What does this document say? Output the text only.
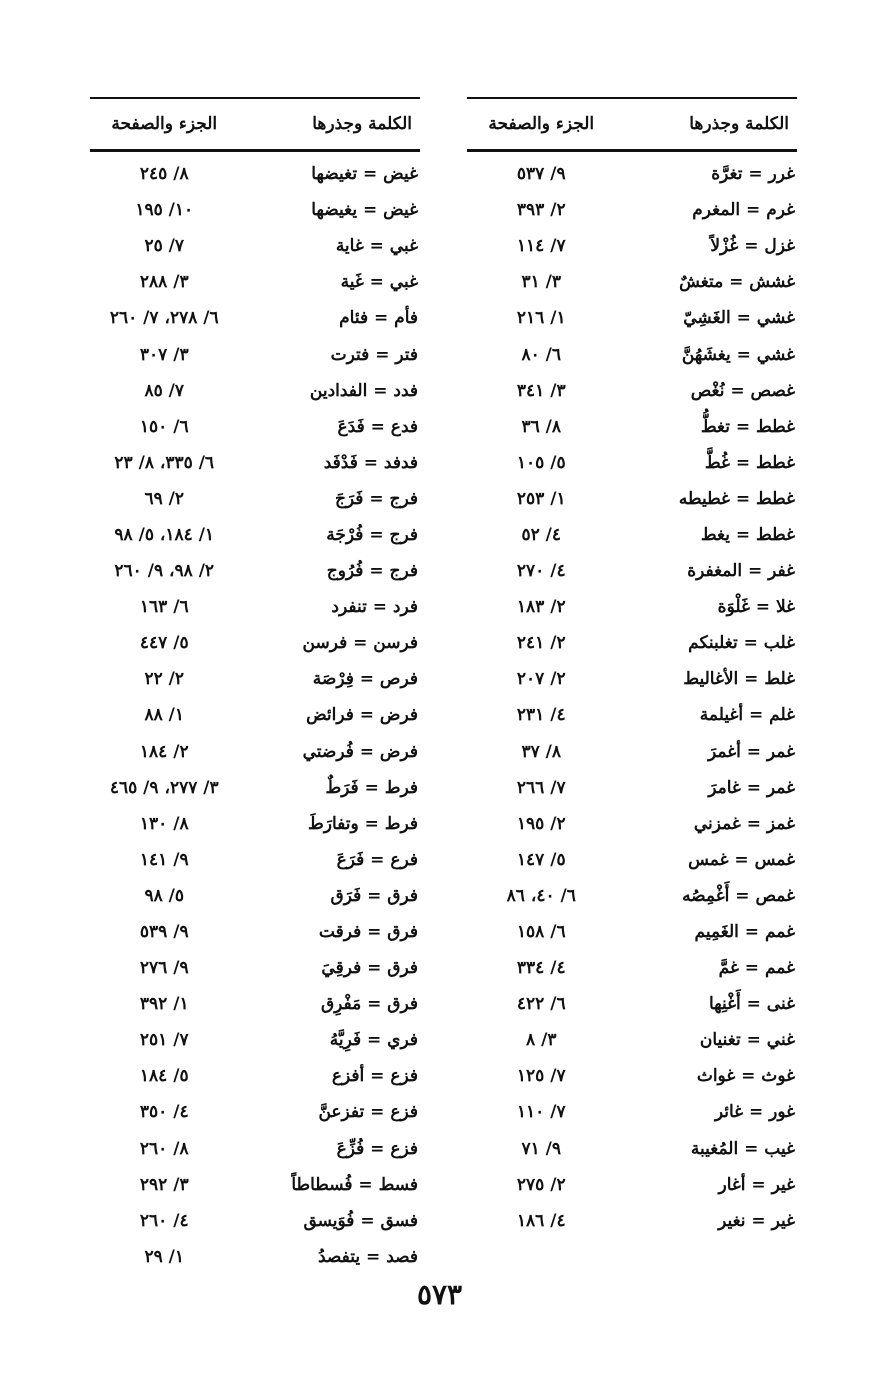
الكلمة وجذرها
الجزء والصفحة
غرر = تغرَّة
٩/ ٥٣٧
غرم = المغرم
٢/ ٣٩٣
غزل = غُزْلاً
٧/ ١١٤
غشش = متغشٌ
٣/ ٣١
غشي = الغَشِيّ
١/ ٢١٦
غشي = يغشَهُنَّ
٦/ ٨٠
غصص = نُغْص
٣/ ٣٤١
غطط = تغطُّ
٨/ ٣٦
غطط = غُطَّ
٥/ ١٠٥
غطط = غطيطه
١/ ٢٥٣
غطط = يغط
٤/ ٥٢
غفر = المغفرة
٤/ ٢٧٠
غلا = غَلْوَة
٢/ ١٨٣
غلب = تغلبنكم
٢/ ٢٤١
غلط = الأغاليط
٢/ ٢٠٧
غلم = أغيلمة
٤/ ٢٣١
غمر = أغمرَ
٨/ ٣٧
غمر = غامرَ
٧/ ٢٦٦
غمز = غمزني
٢/ ١٩٥
غمس = غمس
٥/ ١٤٧
غمص = أَغْمِصُه
٦/ ٤٠، ٨٦
غمم = الغَمِيم
٦/ ١٥٨
غمم = غمَّ
٤/ ٣٣٤
غنى = أَغْنِها
٦/ ٤٢٢
غني = تغنيان
٣/ ٨
غوث = غواث
٧/ ١٢٥
غور = غائر
٧/ ١١٠
غيب = المُغيبة
٩/ ٧١
غير = أغار
٢/ ٢٧٥
غير = نغير
٤/ ١٨٦
الكلمة وجذرها
الجزء والصفحة
غيض = تغيضها
٨/ ٢٤٥
غيض = يغيضها
١٠/ ١٩٥
غبي = غاية
٧/ ٢٥
غبي = غَية
٣/ ٢٨٨
فأم = فئام
٦/ ٢٧٨، ٧/ ٢٦٠
فتر = فترت
٣/ ٣٠٧
فدد = الفدادين
٧/ ٨٥
فدع = فَدَعَ
٦/ ١٥٠
فدفد = فَدْفَد
٦/ ٣٣٥، ٨/ ٢٣
فرج = فَرَجَ
٢/ ٦٩
فرج = فُرْجَة
١/ ١٨٤، ٥/ ٩٨
فرج = فُرُوج
٢/ ٩٨، ٩/ ٢٦٠
فرد = تنفرد
٦/ ١٦٣
فرسن = فرسن
٥/ ٤٤٧
فرص = فِرْصَة
٢/ ٢٢
فرض = فرائض
١/ ٨٨
فرض = فُرضتي
٢/ ١٨٤
فرط = فَرَطٌ
٣/ ٢٧٧، ٩/ ٤٦٥
فرط = وتفارَطَ
٨/ ١٣٠
فرع = فَرَعَ
٩/ ١٤١
فرق = فَرَق
٥/ ٩٨
فرق = فرقت
٩/ ٥٣٩
فرق = فرقِيَ
٩/ ٢٧٦
فرق = مَفْرِق
١/ ٣٩٢
فري = فَرِيَّهُ
٧/ ٢٥١
فزع = أفزع
٥/ ١٨٤
فزع = تفزعنَّ
٤/ ٣٥٠
فزع = فُزِّعَ
٨/ ٢٦٠
فسط = فُسطاطاً
٣/ ٢٩٢
فسق = فُوَيسق
٤/ ٢٦٠
فصد = يتفصدُ
١/ ٢٩
٥٧٣
